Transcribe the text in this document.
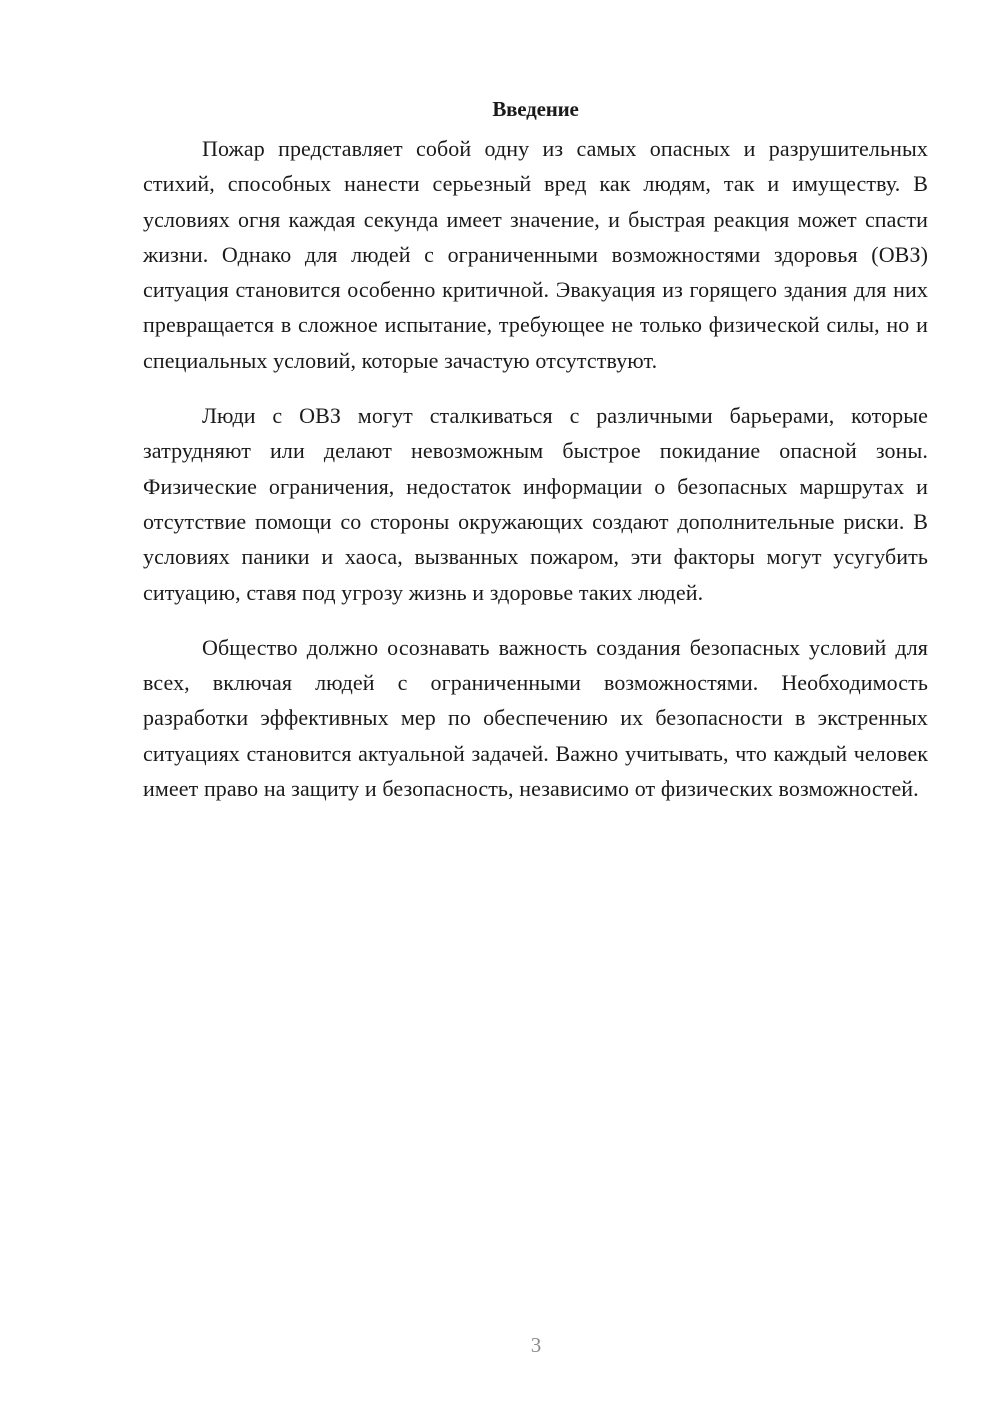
Введение

Пожар представляет собой одну из самых опасных и разрушительных стихий, способных нанести серьезный вред как людям, так и имуществу. В условиях огня каждая секунда имеет значение, и быстрая реакция может спасти жизни. Однако для людей с ограниченными возможностями здоровья (ОВЗ) ситуация становится особенно критичной. Эвакуация из горящего здания для них превращается в сложное испытание, требующее не только физической силы, но и специальных условий, которые зачастую отсутствуют.

Люди с ОВЗ могут сталкиваться с различными барьерами, которые затрудняют или делают невозможным быстрое покидание опасной зоны. Физические ограничения, недостаток информации о безопасных маршрутах и отсутствие помощи со стороны окружающих создают дополнительные риски. В условиях паники и хаоса, вызванных пожаром, эти факторы могут усугубить ситуацию, ставя под угрозу жизнь и здоровье таких людей.

Общество должно осознавать важность создания безопасных условий для всех, включая людей с ограниченными возможностями. Необходимость разработки эффективных мер по обеспечению их безопасности в экстренных ситуациях становится актуальной задачей. Важно учитывать, что каждый человек имеет право на защиту и безопасность, независимо от физических возможностей.

3
